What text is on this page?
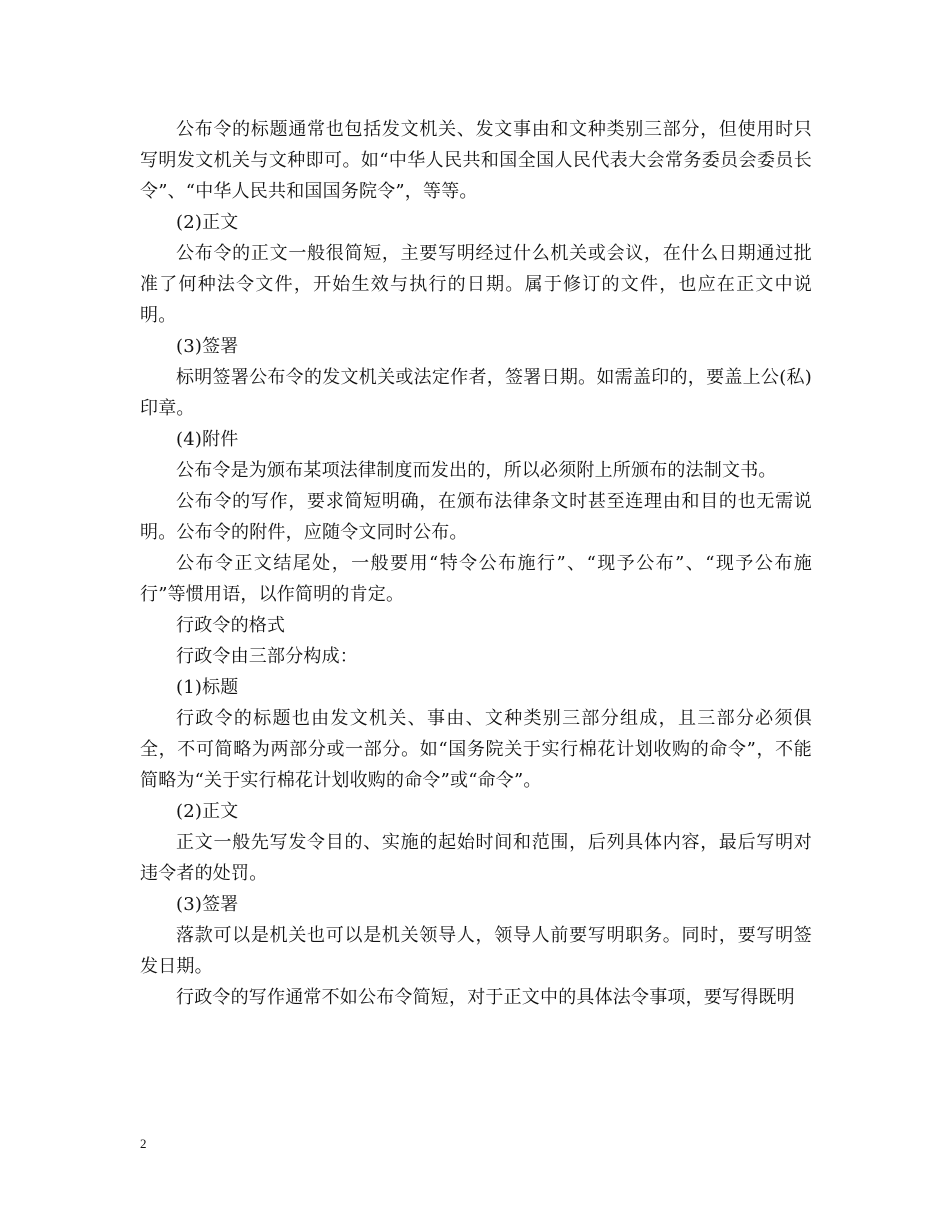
公布令的标题通常也包括发文机关、发文事由和文种类别三部分，但使用时只写明发文机关与文种即可。如“中华人民共和国全国人民代表大会常务委员会委员长令”、“中华人民共和国国务院令”，等等。

(2)正文

公布令的正文一般很简短，主要写明经过什么机关或会议，在什么日期通过批准了何种法令文件，开始生效与执行的日期。属于修订的文件，也应在正文中说明。

(3)签署

标明签署公布令的发文机关或法定作者，签署日期。如需盖印的，要盖上公(私)印章。

(4)附件

公布令是为颁布某项法律制度而发出的，所以必须附上所颁布的法制文书。

公布令的写作，要求简短明确，在颁布法律条文时甚至连理由和目的也无需说明。公布令的附件，应随令文同时公布。

公布令正文结尾处，一般要用“特令公布施行”、“现予公布”、“现予公布施行”等惯用语，以作简明的肯定。

行政令的格式

行政令由三部分构成：

(1)标题

行政令的标题也由发文机关、事由、文种类别三部分组成，且三部分必须俱全，不可简略为两部分或一部分。如“国务院关于实行棉花计划收购的命令”，不能简略为“关于实行棉花计划收购的命令”或“命令”。

(2)正文

正文一般先写发令目的、实施的起始时间和范围，后列具体内容，最后写明对违令者的处罚。

(3)签署

落款可以是机关也可以是机关领导人，领导人前要写明职务。同时，要写明签发日期。

行政令的写作通常不如公布令简短，对于正文中的具体法令事项，要写得既明

2
